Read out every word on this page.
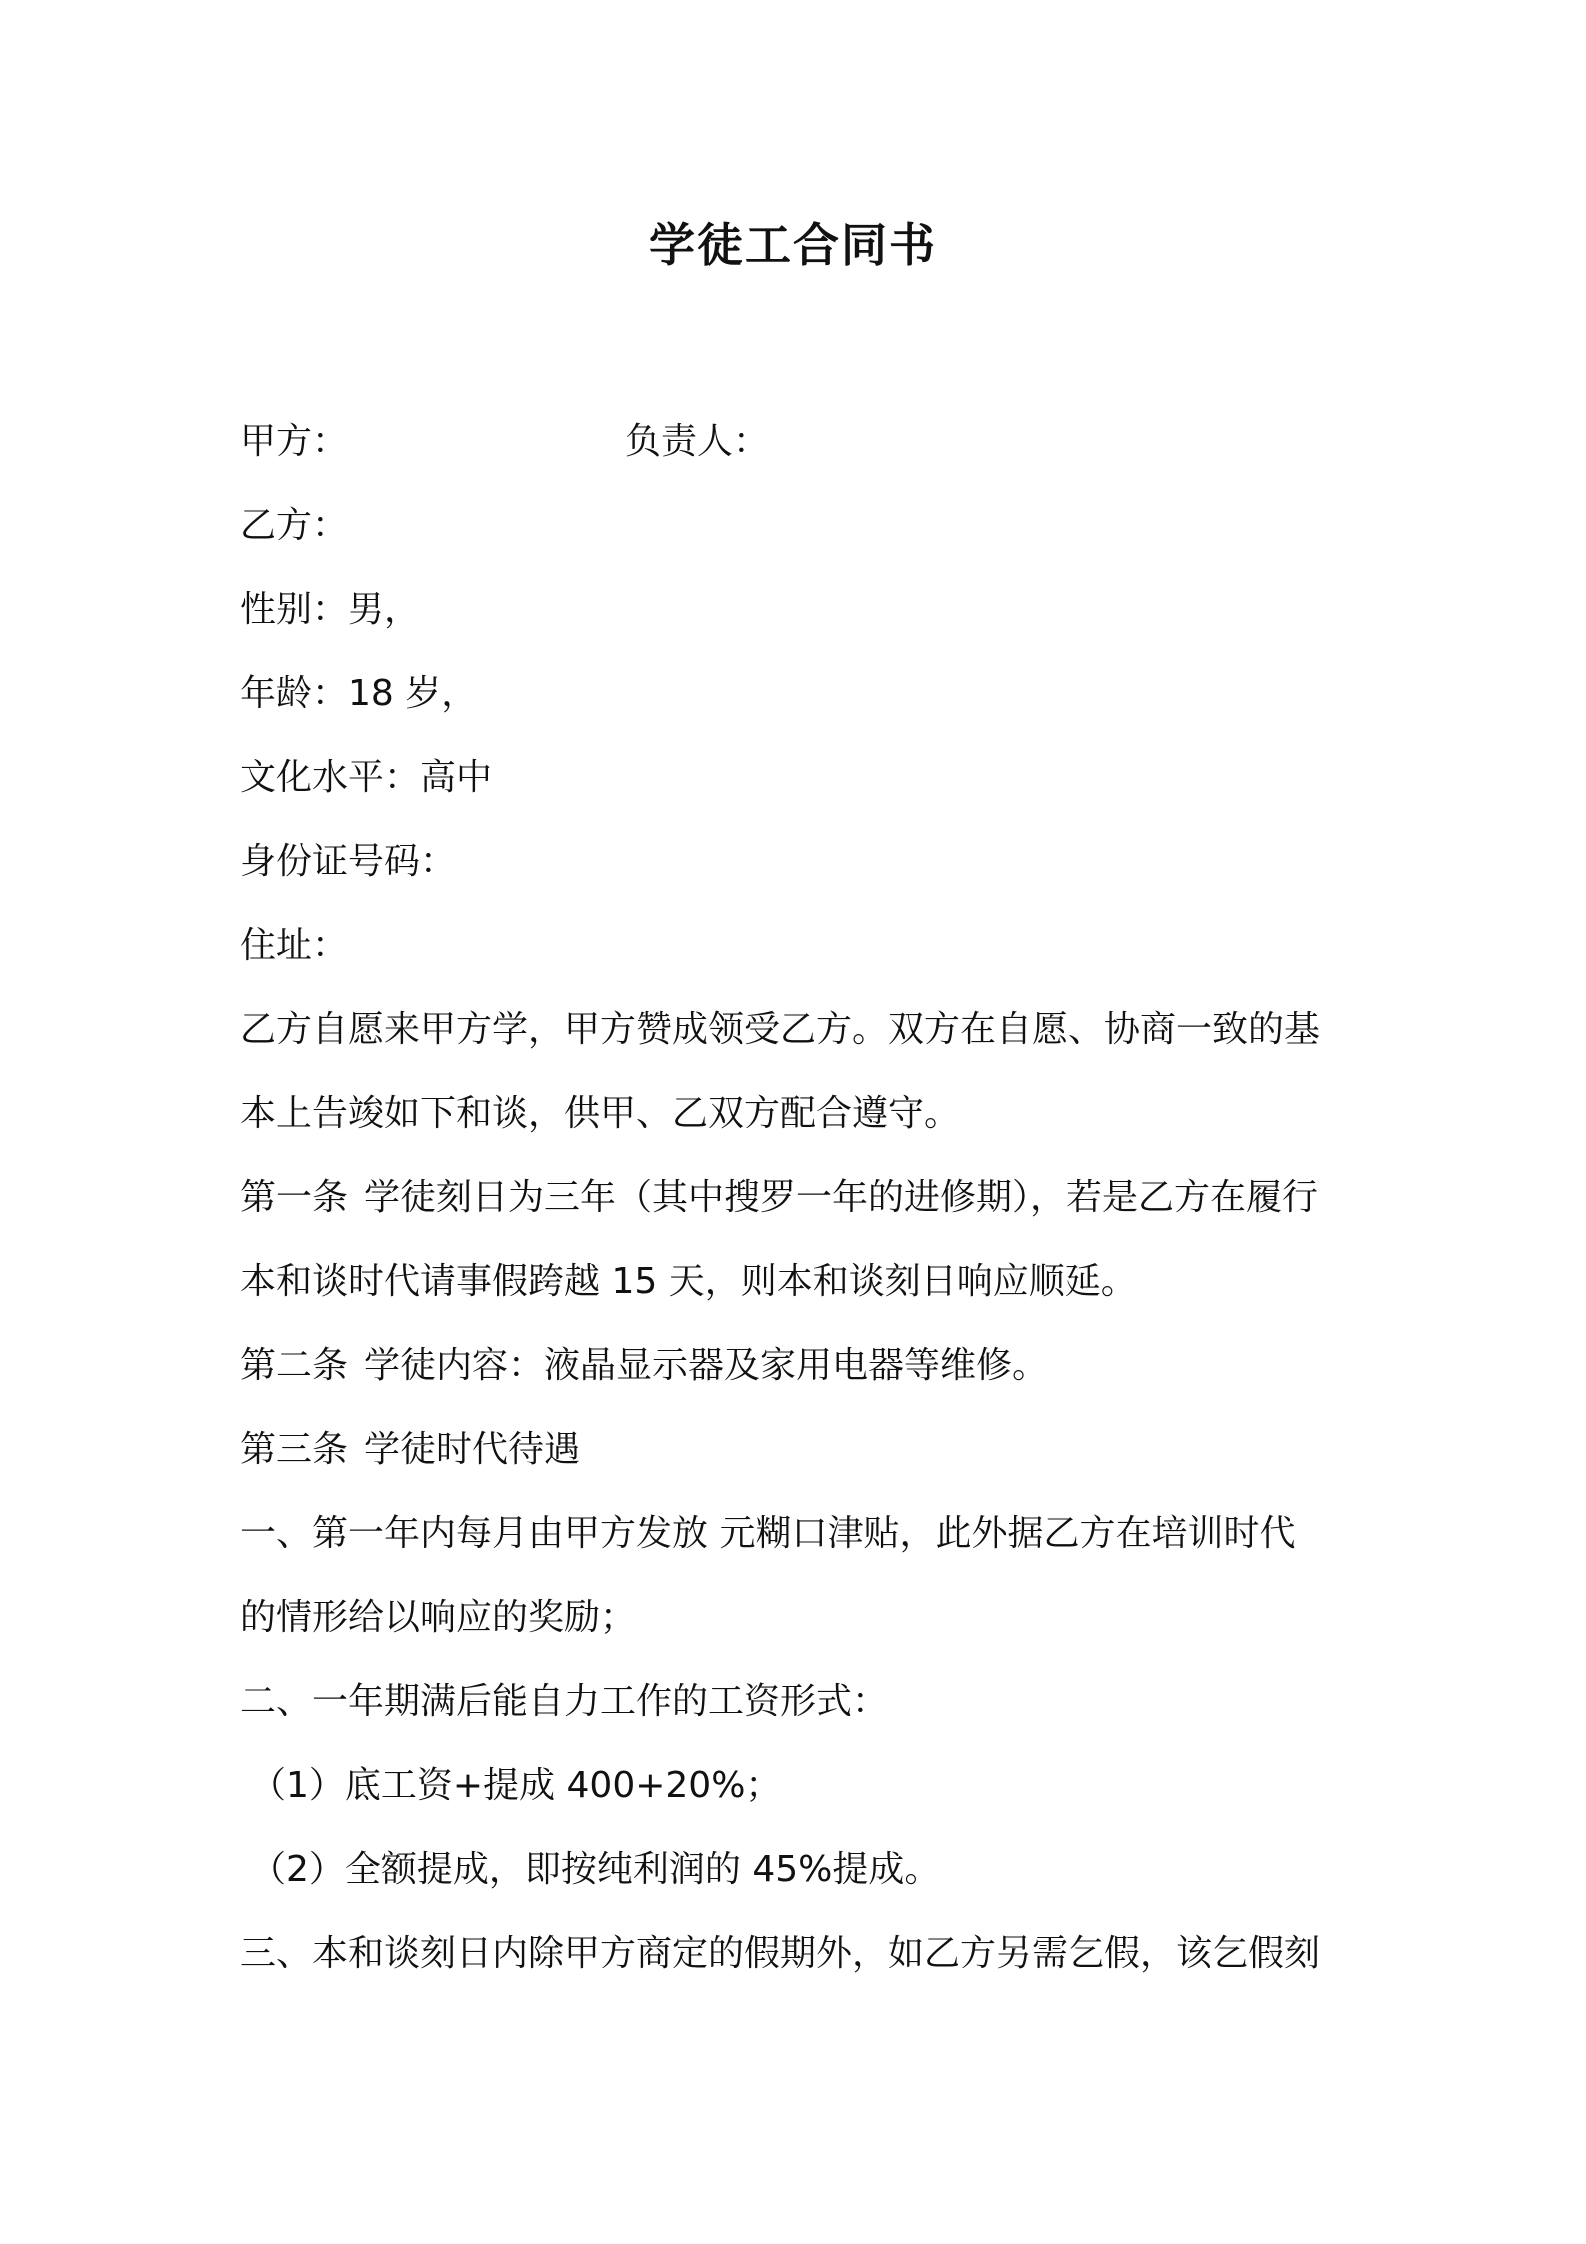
学徒工合同书
甲方：	负责人：
乙方：
性别：男，
年龄：18 岁，
文化水平：高中
身份证号码：
住址：
乙方自愿来甲方学，甲方赞成领受乙方。双方在自愿、协商一致的基
本上告竣如下和谈，供甲、乙双方配合遵守。
第一条 学徒刻日为三年（其中搜罗一年的进修期），若是乙方在履行
本和谈时代请事假跨越 15 天，则本和谈刻日响应顺延。
第二条 学徒内容：液晶显示器及家用电器等维修。
第三条 学徒时代待遇
一、第一年内每月由甲方发放 元糊口津贴，此外据乙方在培训时代
的情形给以响应的奖励；
二、一年期满后能自力工作的工资形式：
（1）底工资+提成 400+20%；
（2）全额提成，即按纯利润的 45%提成。
三、本和谈刻日内除甲方商定的假期外，如乙方另需乞假，该乞假刻
